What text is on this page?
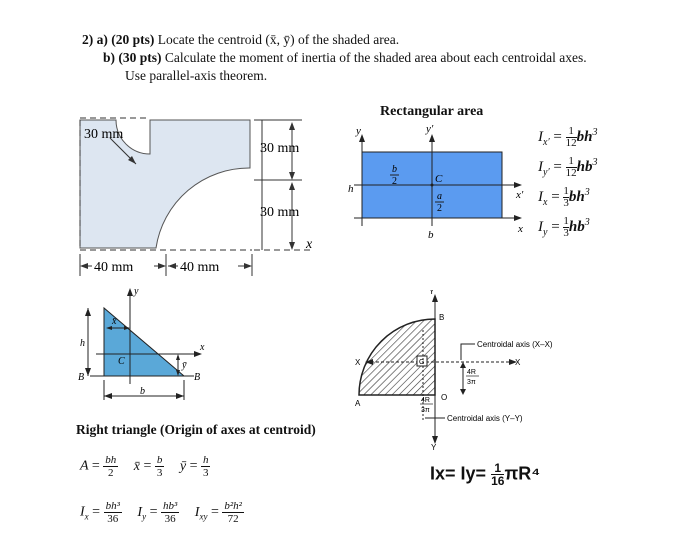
2) a) (20 pts) Locate the centroid (x̄, ȳ) of the shaded area.
b) (30 pts) Calculate the moment of inertia of the shaded area about each centroidal axes.
Use parallel-axis theorem.
30 mm
30 mm
30 mm
x
40 mm	40 mm
Rectangular area
y	y′
x′
x
h
b
C
b
2
a
2
$I_{x'} = \frac{1}{12} bh^3$
$I_{y'} = \frac{1}{12} hb^3$
$I_x = \frac{1}{3} bh^3$
$I_y = \frac{1}{3} hb^3$
y
x
x̄
ȳ
h
b
C
B	B
Right triangle (Origin of axes at centroid)
$A = \frac{bh}{2}$ x̄ = $\frac{b}{3}$ ȳ = $\frac{h}{3}$
$I_x = \frac{\text{bh³}}{36} I_y = \frac{\text{hb³}}{36} I_{xy} = \frac{\text{b²h²}}{72}$
Y
Y
X	X
G
B
A
O
Centroidal axis (X–X)
Centroidal axis (Y–Y)
4R
3π
4R
3π
$Ix= Iy= \frac{1}{16} \pi R^4$
